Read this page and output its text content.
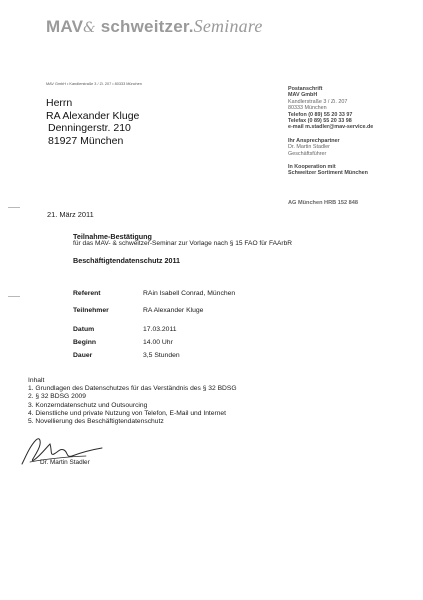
MAV& schweitzer.Seminare
MAV GmbH • Kandlerstraße 3 / Zi. 207 • 80333 München
Herrn
RA Alexander Kluge
Denningerstr. 210
81927 München
Postanschrift
MAV GmbH
Kandlerstraße 3 / Zi. 207
80333 München
Telefon (0 89) 55 20 33 97
Telefax (0 89) 55 20 33 98
e-mail m.stadler@mav-service.de
Ihr Ansprechpartner
Dr. Martin Stadler
Geschäftsführer
In Kooperation mit
Schweitzer Sortiment München
AG München HRB 152 848
21. März 2011
Teilnahme-Bestätigung
für das MAV- & schweitzer-Seminar zur Vorlage nach § 15 FAO für FAArbR
Beschäftigtendatenschutz 2011
Referent	RAin Isabell Conrad, München
Teilnehmer	RA Alexander Kluge
Datum	17.03.2011
Beginn	14.00 Uhr
Dauer	3,5 Stunden
Inhalt
1. Grundlagen des Datenschutzes für das Verständnis des § 32 BDSG
2. § 32 BDSG 2009
3. Konzerndatenschutz und Outsourcing
4. Dienstliche und private Nutzung von Telefon, E-Mail und Internet
5. Novellierung des Beschäftigtendatenschutz
Dr. Martin Stadler
